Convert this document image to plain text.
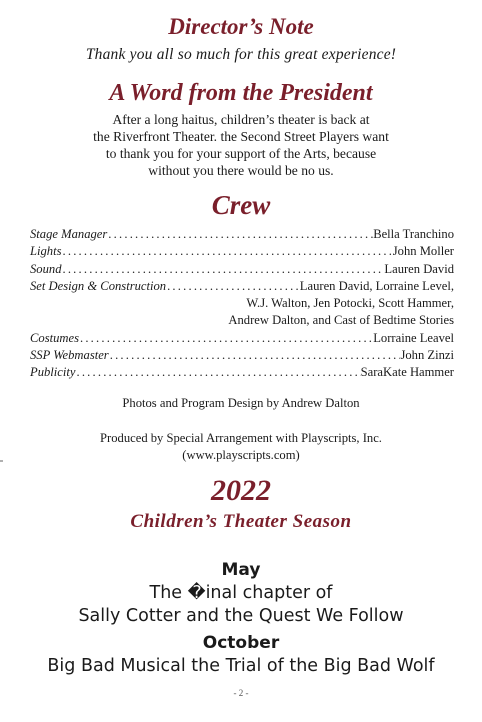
Director’s Note
Thank you all so much for this great experience!
A Word from the President
After a long haitus, children’s theater is back at
the Riverfront Theater. the Second Street Players want
to thank you for your support of the Arts, because
without you there would be no us.
Crew
Stage Manager .....	Bella Tranchino
Lights .....	John Moller
Sound .....	Lauren David
Set Design & Construction .....	Lauren David, Lorraine Level,
W.J. Walton, Jen Potocki, Scott Hammer,
Andrew Dalton, and Cast of Bedtime Stories
Costumes .....	Lorraine Leavel
SSP Webmaster .....	John Zinzi
Publicity .....	SaraKate Hammer
Photos and Program Design by Andrew Dalton
Produced by Special Arrangement with Playscripts, Inc.
(www.playscripts.com)
2022
Children’s Theater Season
May
The �inal chapter of
Sally Cotter and the Quest We Follow
October
Big Bad Musical the Trial of the Big Bad Wolf
- 2 -
